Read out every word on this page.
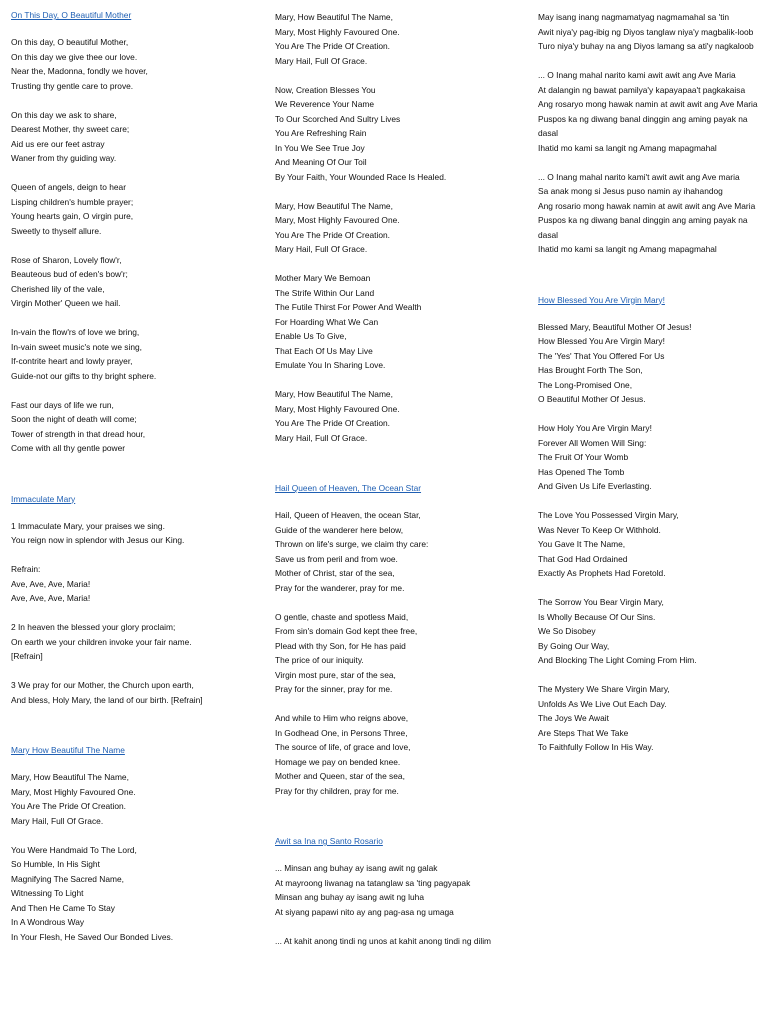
On This Day, O Beautiful Mother
On this day, O beautiful Mother,
On this day we give thee our love.
Near the, Madonna, fondly we hover,
Trusting thy gentle care to prove.
On this day we ask to share,
Dearest Mother, thy sweet care;
Aid us ere our feet astray
Waner from thy guiding way.
Queen of angels, deign to hear
Lisping children's humble prayer;
Young hearts gain, O virgin pure,
Sweetly to thyself allure.
Rose of Sharon, Lovely flow'r,
Beauteous bud of eden's bow'r;
Cherished lily of the vale,
Virgin Mother' Queen we hail.
In-vain the flow'rs of love we bring,
In-vain sweet music's note we sing,
If-contrite heart and lowly prayer,
Guide-not our gifts to thy bright sphere.
Fast our days of life we run,
Soon the night of death will come;
Tower of strength in that dread hour,
Come with all thy gentle power
Immaculate Mary
1 Immaculate Mary, your praises we sing.
You reign now in splendor with Jesus our King.
Refrain:
Ave, Ave, Ave, Maria!
Ave, Ave, Ave, Maria!
2 In heaven the blessed your glory proclaim;
On earth we your children invoke your fair name.
[Refrain]
3 We pray for our Mother, the Church upon earth,
And bless, Holy Mary, the land of our birth. [Refrain]
Mary How Beautiful The Name
Mary, How Beautiful The Name,
Mary, Most Highly Favoured One.
You Are The Pride Of Creation.
Mary Hail, Full Of Grace.
You Were Handmaid To The Lord,
So Humble, In His Sight
Magnifying The Sacred Name,
Witnessing To Light
And Then He Came To Stay
In A Wondrous Way
In Your Flesh, He Saved Our Bonded Lives.
Mary, How Beautiful The Name,
Mary, Most Highly Favoured One.
You Are The Pride Of Creation.
Mary Hail, Full Of Grace.
Now, Creation Blesses You
We Reverence Your Name
To Our Scorched And Sultry Lives
You Are Refreshing Rain
In You We See True Joy
And Meaning Of Our Toil
By Your Faith, Your Wounded Race Is Healed.
Mary, How Beautiful The Name,
Mary, Most Highly Favoured One.
You Are The Pride Of Creation.
Mary Hail, Full Of Grace.
Mother Mary We Bemoan
The Strife Within Our Land
The Futile Thirst For Power And Wealth
For Hoarding What We Can
Enable Us To Give,
That Each Of Us May Live
Emulate You In Sharing Love.
Mary, How Beautiful The Name,
Mary, Most Highly Favoured One.
You Are The Pride Of Creation.
Mary Hail, Full Of Grace.
Hail Queen of Heaven, The Ocean Star
Hail, Queen of Heaven, the ocean Star,
Guide of the wanderer here below,
Thrown on life's surge, we claim thy care:
Save us from peril and from woe.
Mother of Christ, star of the sea,
Pray for the wanderer, pray for me.
O gentle, chaste and spotless Maid,
From sin's domain God kept thee free,
Plead with thy Son, for He has paid
The price of our iniquity.
Virgin most pure, star of the sea,
Pray for the sinner, pray for me.
And while to Him who reigns above,
In Godhead One, in Persons Three,
The source of life, of grace and love,
Homage we pay on bended knee.
Mother and Queen, star of the sea,
Pray for thy children, pray for me.
Awit sa Ina ng Santo Rosario
... Minsan ang buhay ay isang awit ng galak
At mayroong liwanag na tatanglaw sa 'ting pagyapak
Minsan ang buhay ay isang awit ng luha
At siyang papawi nito ay ang pag-asa ng umaga
... At kahit anong tindi ng unos at kahit anong tindi ng dilim
May isang inang nagmamatyag nagmamahal sa 'tin
Awit niya'y pag-ibig ng Diyos tanglaw niya'y magbalik-loob
Turo niya'y buhay na ang Diyos lamang sa ati'y nagkaloob
... O Inang mahal narito kami awit awit ang Ave Maria
At dalangin ng bawat pamilya'y kapayapaa't pagkakaisa
Ang rosaryo mong hawak namin at awit awit ang Ave Maria
Puspos ka ng diwang banal dinggin ang aming payak na dasal
Ihatid mo kami sa langit ng Amang mapagmahal
... O Inang mahal narito kami't awit awit ang Ave maria
Sa anak mong si Jesus puso namin ay ihahandog
Ang rosario mong hawak namin at awit awit ang Ave Maria
Puspos ka ng diwang banal dinggin ang aming payak na dasal
Ihatid mo kami sa langit ng Amang mapagmahal
How Blessed You Are Virgin Mary!
Blessed Mary, Beautiful Mother Of Jesus!
How Blessed You Are Virgin Mary!
The 'Yes' That You Offered For Us
Has Brought Forth The Son,
The Long-Promised One,
O Beautiful Mother Of Jesus.
How Holy You Are Virgin Mary!
Forever All Women Will Sing:
The Fruit Of Your Womb
Has Opened The Tomb
And Given Us Life Everlasting.
The Love You Possessed Virgin Mary,
Was Never To Keep Or Withhold.
You Gave It The Name,
That God Had Ordained
Exactly As Prophets Had Foretold.
The Sorrow You Bear Virgin Mary,
Is Wholly Because Of Our Sins.
We So Disobey
By Going Our Way,
And Blocking The Light Coming From Him.
The Mystery We Share Virgin Mary,
Unfolds As We Live Out Each Day.
The Joys We Await
Are Steps That We Take
To Faithfully Follow In His Way.
